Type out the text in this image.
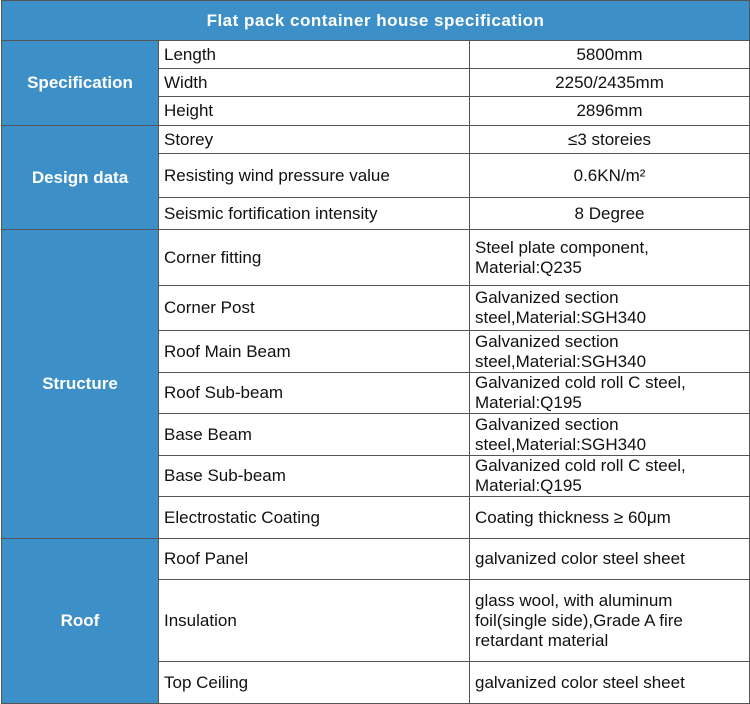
Flat pack container house specification		
Specification	Length	5800mm
	Width	2250/2435mm
	Height	2896mm
Design data	Storey	≤3 storeies
	Resisting wind pressure value	0.6KN/m²
	Seismic fortification intensity	8 Degree
Structure	Corner fitting	Steel plate component, Material:Q235
	Corner Post	Galvanized section steel,Material:SGH340
	Roof Main Beam	Galvanized section steel,Material:SGH340
	Roof Sub-beam	Galvanized cold roll C steel, Material:Q195
	Base Beam	Galvanized section steel,Material:SGH340
	Base Sub-beam	Galvanized cold roll C steel, Material:Q195
	Electrostatic Coating	Coating thickness ≥ 60μm
Roof	Roof Panel	galvanized color steel sheet
	Insulation	glass wool, with aluminum foil(single side),Grade A fire retardant material
	Top Ceiling	galvanized color steel sheet
